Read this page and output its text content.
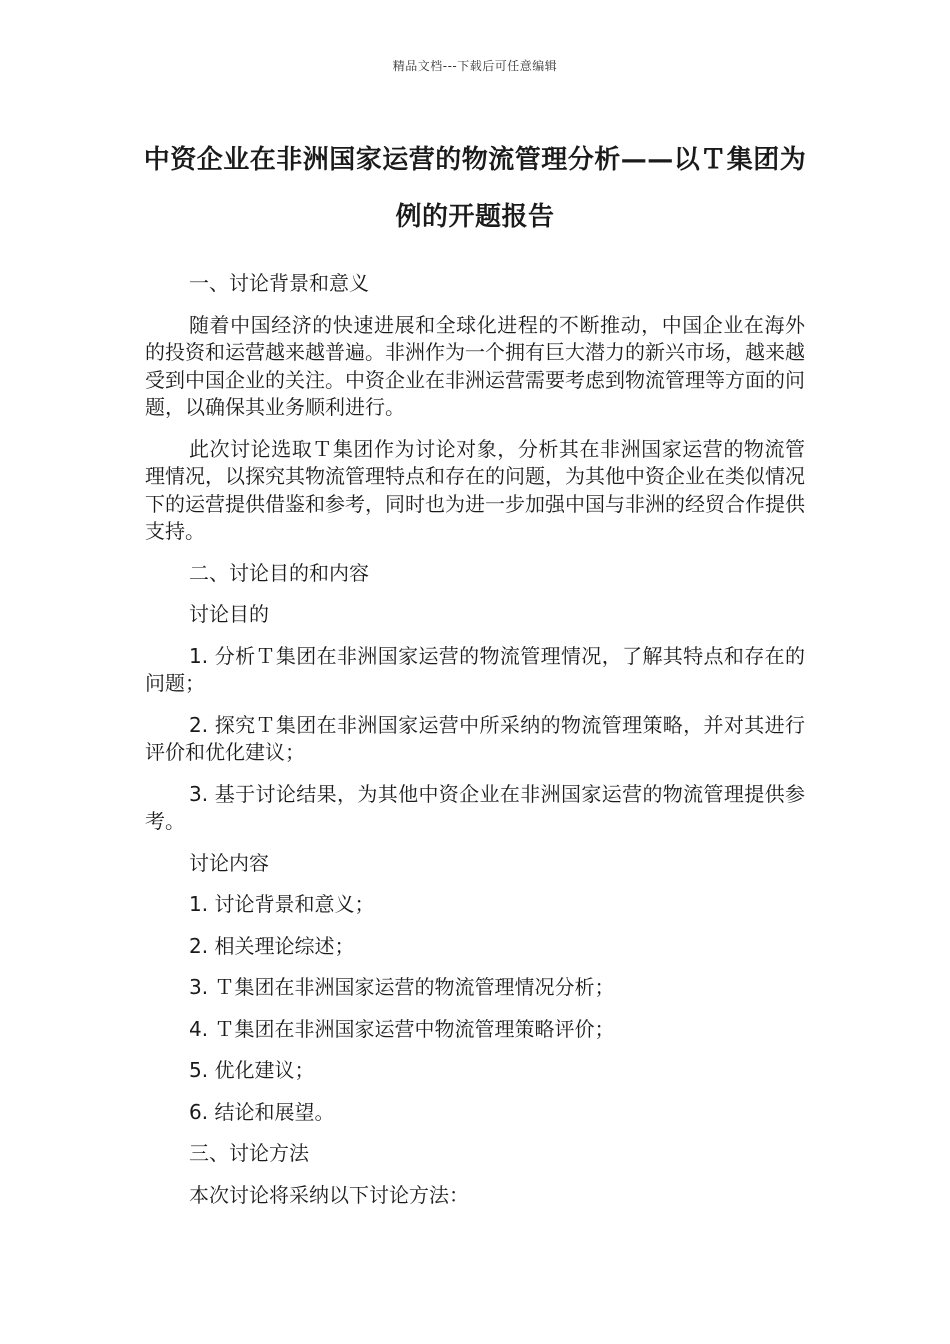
精品文档---下载后可任意编辑
中资企业在非洲国家运营的物流管理分析——以Ｔ集团为例的开题报告

一、讨论背景和意义

随着中国经济的快速进展和全球化进程的不断推动，中国企业在海外的投资和运营越来越普遍。非洲作为一个拥有巨大潜力的新兴市场，越来越受到中国企业的关注。中资企业在非洲运营需要考虑到物流管理等方面的问题，以确保其业务顺利进行。

此次讨论选取Ｔ集团作为讨论对象，分析其在非洲国家运营的物流管理情况，以探究其物流管理特点和存在的问题，为其他中资企业在类似情况下的运营提供借鉴和参考，同时也为进一步加强中国与非洲的经贸合作提供支持。

二、讨论目的和内容

讨论目的

1. 分析Ｔ集团在非洲国家运营的物流管理情况，了解其特点和存在的问题；

2. 探究Ｔ集团在非洲国家运营中所采纳的物流管理策略，并对其进行评价和优化建议；

3. 基于讨论结果，为其他中资企业在非洲国家运营的物流管理提供参考。

讨论内容

1. 讨论背景和意义；

2. 相关理论综述；

3. Ｔ集团在非洲国家运营的物流管理情况分析；

4. Ｔ集团在非洲国家运营中物流管理策略评价；

5. 优化建议；

6. 结论和展望。

三、讨论方法

本次讨论将采纳以下讨论方法：
